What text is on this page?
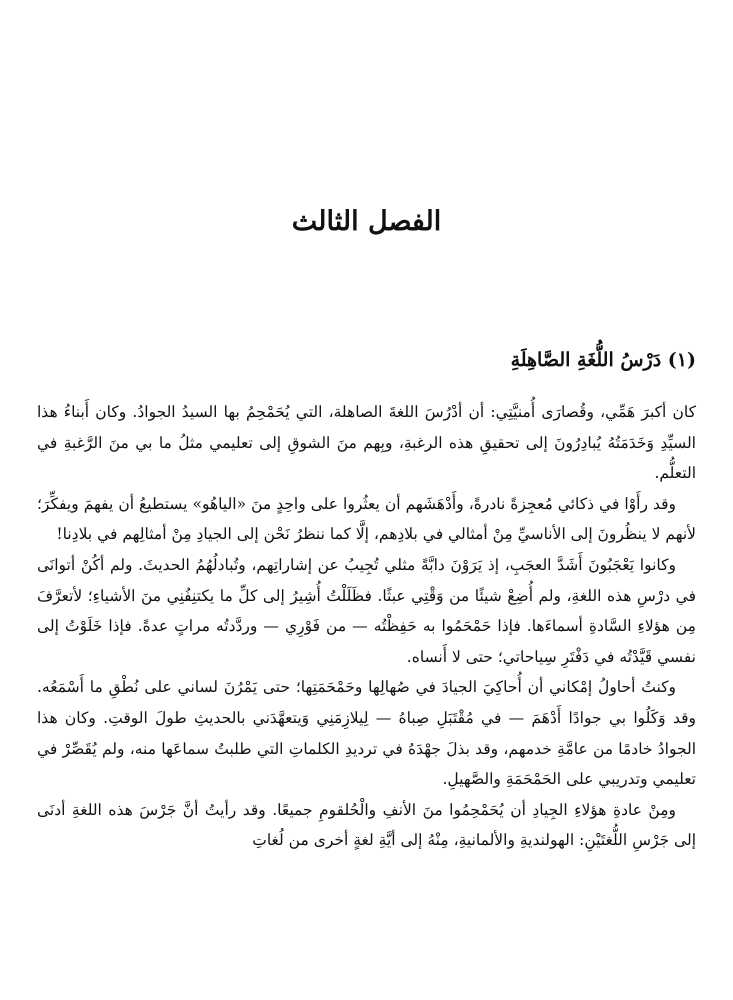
الفصل الثالث
(١) دَرْسُ اللُّغَةِ الصَّاهِلَةِ

كان أكبرَ هَمِّي، وقُصارَى أُمنيَّتِي: أن أدْرُسَ اللغةَ الصاهلة، التي يُحَمْحِمُ بها السيدُ الجوادُ. وكان أَبناءُ هذا السيِّدِ وَخَدَمَتُهُ يُبادِرُونَ إلى تحقيقِ هذه الرغبةِ، وبِهم منَ الشوقِ إلى تعليمي مثلُ ما بي منَ الرَّغبةِ في التعلُّم.

وقد رأَوْا في ذكائي مُعجِزةً نادرةً، وأَدْهَشَهم أن يعثُروا على واحِدٍ منَ «الياهُو» يستطيعُ أن يفهمَ ويفكِّرَ؛ لأنهم لا ينظُرونَ إلى الأناسيِّ مِنْ أمثالي في بلادِهم، إلَّا كما ننظرُ نَحْن إلى الجيادِ مِنْ أمثالِهم في بلادِنا!

وكانوا يَعْجَبُونَ أَشَدَّ العجَبِ، إذ يَرَوْنَ دابَّةً مثلي تُجِيبُ عن إشاراتِهم، وتُبادلُهُمُ الحديثَ. ولم أكُنْ أتوانَى في درْسِ هذه اللغةِ، ولم أُضِعْ شيئًا من وَقْتِي عبثًا. فظَلَلْتُ أُشِيرُ إلى كلِّ ما يكتنِفُنِي منَ الأشياءِ؛ لأتعرَّفَ مِن هؤلاءِ السَّادةِ أسماءَها. فإذا حَمْحَمُوا به حَفِظْتُه — من فَوْرِي — وردَّدتُه مراتٍ عدةً. فإذا خَلَوْتُ إلى نفسي قَيَّدْتُه في دَفْتَرِ سِياحاتي؛ حتى لا أَنساه.

وكنتُ أحاولُ إمْكاني أن أُحاكِيَ الجيادَ في صُهالِها وحَمْحَمَتِها؛ حتى يَمْرُنَ لساني على نُطْقِ ما أَسْمَعُه. وقد وَكَلُوا بي جوادًا أَدْهَمَ — في مُقْتَبَلِ صِباهُ — لِيلازِمَنِي وَيتعهَّدَني بالحديثِ طولَ الوقتِ. وكان هذا الجوادُ خادمًا من عامَّةِ خدمهم، وقد بذلَ جهْدَهُ في ترديدِ الكلماتِ التي طلبتُ سماعَها منه، ولم يُقَصِّرْ في تعليمي وتدريبي على الحَمْحَمَةِ والصَّهيلِ.

ومِنْ عادةِ هؤلاءِ الجِيادِ أن يُحَمْحِمُوا منَ الأنفِ والْحُلقومِ جميعًا. وقد رأيتُ أنَّ جَرْسَ هذه اللغةِ أدنَى إلى جَرْسِ اللُّغتَيْنِ: الهولنديةِ والألمانيةِ، مِنْهُ إلى أيَّةِ لغةٍ أخرى من لُغاتِ
